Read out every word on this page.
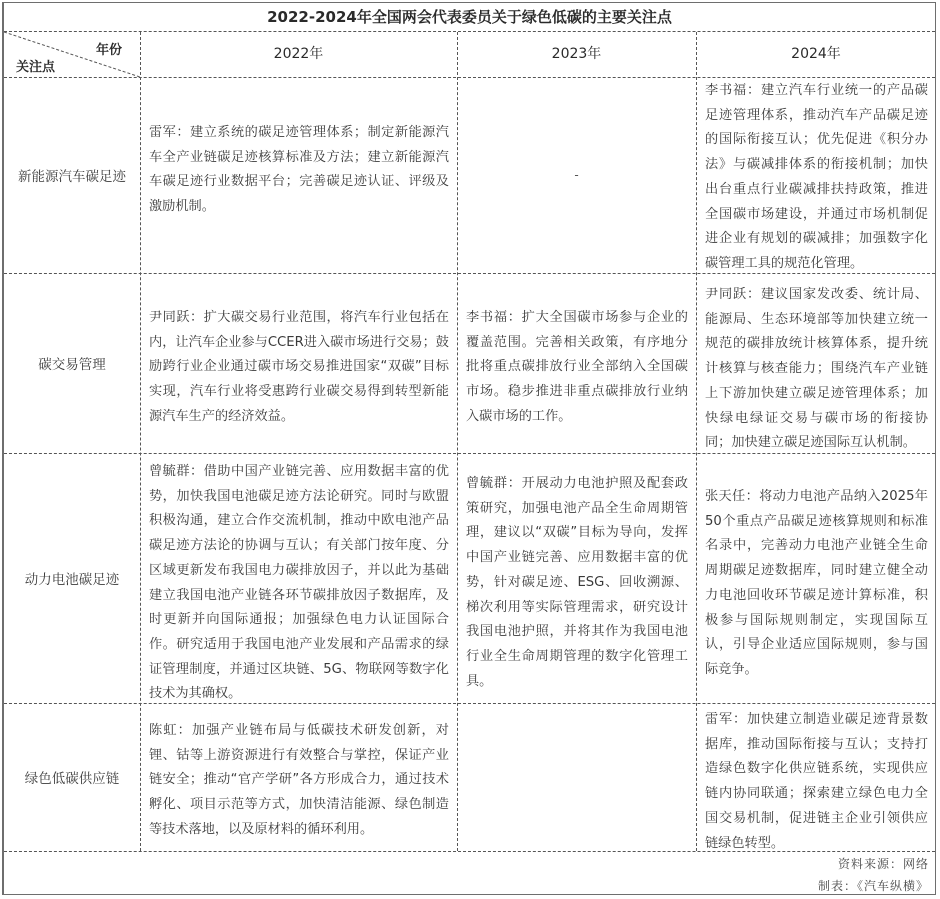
2022-2024年全国两会代表委员关于绿色低碳的主要关注点
年份
关注点
2022年	2023年	2024年
新能源汽车碳足迹
雷军：建立系统的碳足迹管理体系；制定新能源汽车全产业链碳足迹核算标准及方法；建立新能源汽车碳足迹行业数据平台；完善碳足迹认证、评级及激励机制。
-
李书福：建立汽车行业统一的产品碳足迹管理体系，推动汽车产品碳足迹的国际衔接互认；优先促进《积分办法》与碳减排体系的衔接机制；加快出台重点行业碳减排扶持政策，推进全国碳市场建设，并通过市场机制促进企业有规划的碳减排；加强数字化碳管理工具的规范化管理。
碳交易管理
尹同跃：扩大碳交易行业范围，将汽车行业包括在内，让汽车企业参与CCER进入碳市场进行交易；鼓励跨行业企业通过碳市场交易推进国家“双碳”目标实现，汽车行业将受惠跨行业碳交易得到转型新能源汽车生产的经济效益。
李书福：扩大全国碳市场参与企业的覆盖范围。完善相关政策，有序地分批将重点碳排放行业全部纳入全国碳市场。稳步推进非重点碳排放行业纳入碳市场的工作。
尹同跃：建议国家发改委、统计局、能源局、生态环境部等加快建立统一规范的碳排放统计核算体系，提升统计核算与核查能力；围绕汽车产业链上下游加快建立碳足迹管理体系；加快绿电绿证交易与碳市场的衔接协同；加快建立碳足迹国际互认机制。
动力电池碳足迹
曾毓群：借助中国产业链完善、应用数据丰富的优势，加快我国电池碳足迹方法论研究。同时与欧盟积极沟通，建立合作交流机制，推动中欧电池产品碳足迹方法论的协调与互认；有关部门按年度、分区域更新发布我国电力碳排放因子，并以此为基础建立我国电池产业链各环节碳排放因子数据库，及时更新并向国际通报；加强绿色电力认证国际合作。研究适用于我国电池产业发展和产品需求的绿证管理制度，并通过区块链、5G、物联网等数字化技术为其确权。
曾毓群：开展动力电池护照及配套政策研究，加强电池产品全生命周期管理，建议以“双碳”目标为导向，发挥中国产业链完善、应用数据丰富的优势，针对碳足迹、ESG、回收溯源、梯次利用等实际管理需求，研究设计我国电池护照，并将其作为我国电池行业全生命周期管理的数字化管理工具。
张天任：将动力电池产品纳入2025年50个重点产品碳足迹核算规则和标准名录中，完善动力电池产业链全生命周期碳足迹数据库，同时建立健全动力电池回收环节碳足迹计算标准，积极参与国际规则制定，实现国际互认，引导企业适应国际规则，参与国际竞争。
绿色低碳供应链
陈虹：加强产业链布局与低碳技术研发创新，对锂、钴等上游资源进行有效整合与掌控，保证产业链安全；推动“官产学研”各方形成合力，通过技术孵化、项目示范等方式，加快清洁能源、绿色制造等技术落地，以及原材料的循环利用。
雷军：加快建立制造业碳足迹背景数据库，推动国际衔接与互认；支持打造绿色数字化供应链系统，实现供应链内协同联通；探索建立绿色电力全国交易机制，促进链主企业引领供应链绿色转型。
资料来源：网络
制表：《汽车纵横》
